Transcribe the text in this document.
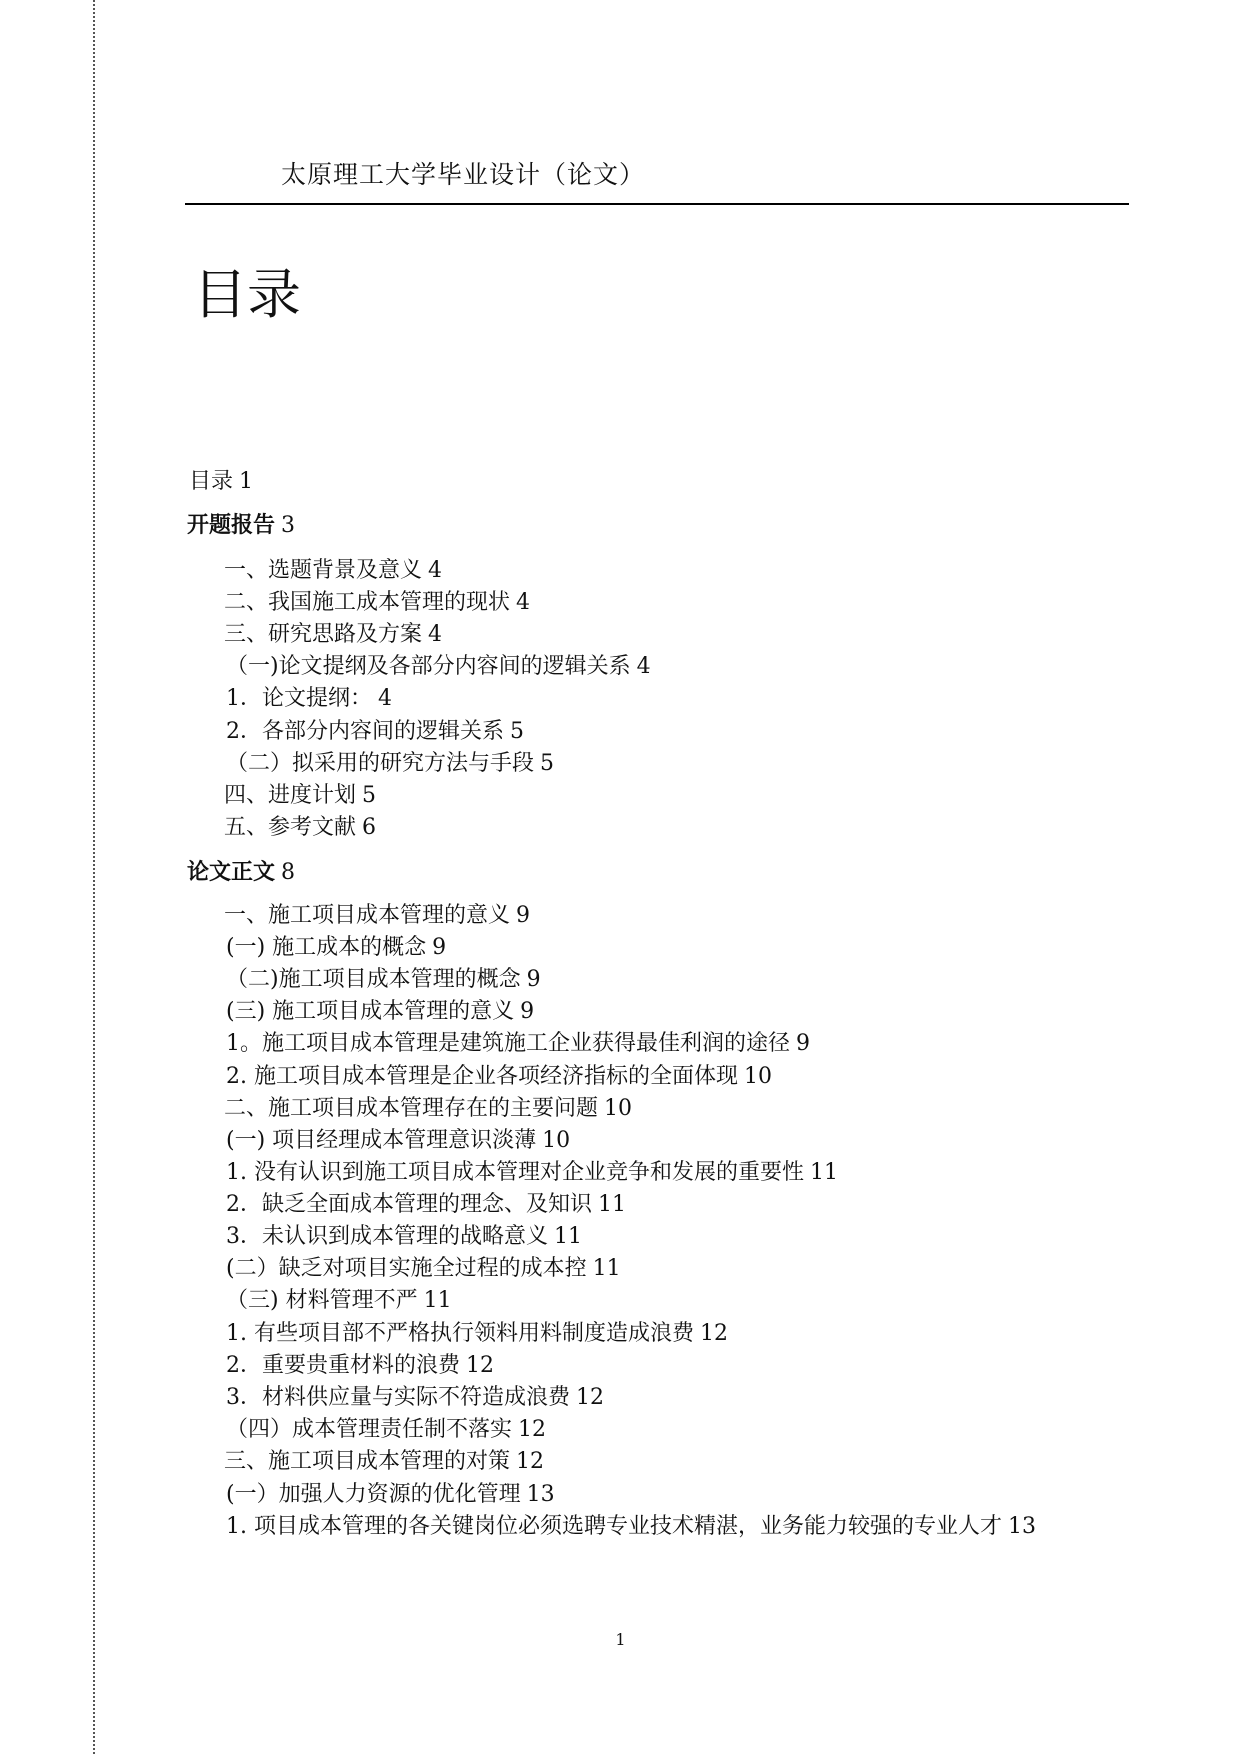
太原理工大学毕业设计（论文）
目录
目录 1
开题报告 3
一、选题背景及意义 4
二、我国施工成本管理的现状 4
三、研究思路及方案 4
（一)论文提纲及各部分内容间的逻辑关系 4
1．论文提纲： 4
2．各部分内容间的逻辑关系 5
（二）拟采用的研究方法与手段 5
四、进度计划 5
五、参考文献 6
论文正文 8
一、施工项目成本管理的意义 9
(一) 施工成本的概念 9
（二)施工项目成本管理的概念 9
(三) 施工项目成本管理的意义 9
1。施工项目成本管理是建筑施工企业获得最佳利润的途径 9
2. 施工项目成本管理是企业各项经济指标的全面体现 10
二、施工项目成本管理存在的主要问题 10
(一) 项目经理成本管理意识淡薄 10
1. 没有认识到施工项目成本管理对企业竞争和发展的重要性 11
2．缺乏全面成本管理的理念、及知识 11
3．未认识到成本管理的战略意义 11
(二）缺乏对项目实施全过程的成本控 11
（三) 材料管理不严 11
1. 有些项目部不严格执行领料用料制度造成浪费 12
2．重要贵重材料的浪费 12
3．材料供应量与实际不符造成浪费 12
（四）成本管理责任制不落实 12
三、施工项目成本管理的对策 12
(一）加强人力资源的优化管理 13
1. 项目成本管理的各关键岗位必须选聘专业技术精湛，业务能力较强的专业人才 13
1
